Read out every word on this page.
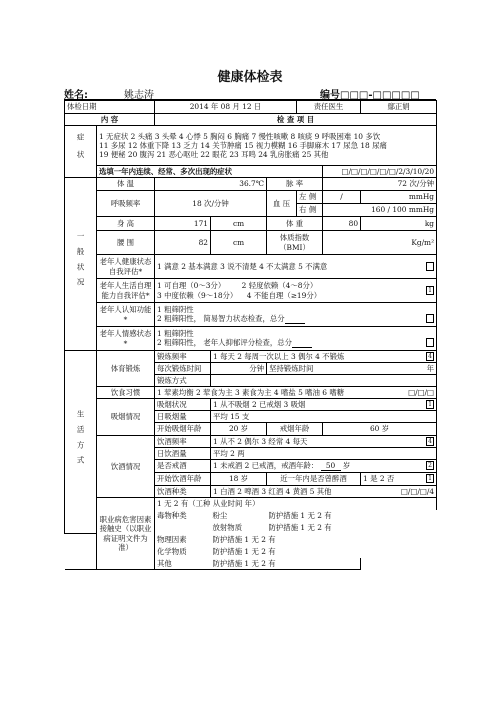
健康体检表
姓名:	姚志涛	编号□□□-□□□□□
体检日期		2014 年 08 月 12 日			责任医生		鄢正娟
内 容		检 查 项 目					
症状	1 无症状 2 头痛 3 头晕 4 心悸 5 胸闷 6 胸痛 7 慢性咳嗽 8 咳痰 9 呼吸困难 10 多饮
11 多尿 12 体重下降 13 乏力 14 关节肿痛 15 视力模糊 16 手脚麻木 17 尿急 18 尿痛
19 便秘 20 腹泻 21 恶心呕吐 22 眼花 23 耳鸣 24 乳房胀痛 25 其他						

	选填一年内连续、经常、多次出现的症状					□/□/□/□/□/□/2/3/10/20	
一般状况	体 温	36.7℃		脉 率		72 次/分钟	
	呼吸频率	18 次/分钟		血 压	左 侧	/	mmHg
					右 侧	160 / 100 mmHg	
	身 高	171	cm	体 重		80	kg
	腰 围	82	cm	体质指数（BMI）		Kg/m²	
	老年人健康状态自我评估*	1 满意 2 基本满意 3 说不清楚 4 不太满意 5 不满意					

	老年人生活自理能力自我评估*	1 可自理（0～3分） 2 轻度依赖（4～8分）
3 中度依赖（9～18分） 4 不能自理（≥19分） 1					

	老年人认知功能*	1 粗筛阴性
2 粗筛阳性， 简易智力状态检查，总分					

	老年人情感状态*	1 粗筛阴性
2 粗筛阳性， 老年人抑郁评分检查，总分					

生活方式	体育锻炼	锻炼频率	1 每天 2 每周一次以上 3 偶尔 4 不锻炼 4				

		每次锻炼时间	分钟	坚持锻炼时间 年			

		锻炼方式					
	饮食习惯	1 荤素均衡 2 荤食为主 3 素食为主 4 嗜盐 5 嗜油 6 嗜糖 □/□/□					

	吸烟情况	吸烟状况	1 从不吸烟 2 已戒烟 3 吸烟 1				

		日吸烟量	平均 15 支				
		开始吸烟年龄	20 岁	戒烟年龄		60 岁	
	饮酒情况	饮酒频率	1 从不 2 偶尔 3 经常 4 每天 4				

		日饮酒量	平均 2 两				
		是否戒酒	1 未戒酒 2 已戒酒，戒酒年龄： 50 岁 2				

		开始饮酒年龄	18 岁	近一年内是否曾醉酒			1 是 2 否 1

		饮酒种类	1 白酒 2 啤酒 3 红酒 4 黄酒 5 其他 □/□/□/4				

	职业病危害因素接触史（以职业病证明文件为准）	1 无 2 有（工种 从业时间 年）					
		毒物种类	粉尘	防护措施 1 无 2 有			
			放射物质	防护措施 1 无 2 有			
		物理因素	防护措施 1 无 2 有				
		化学物质	防护措施 1 无 2 有				
		其他	防护措施 1 无 2 有				
